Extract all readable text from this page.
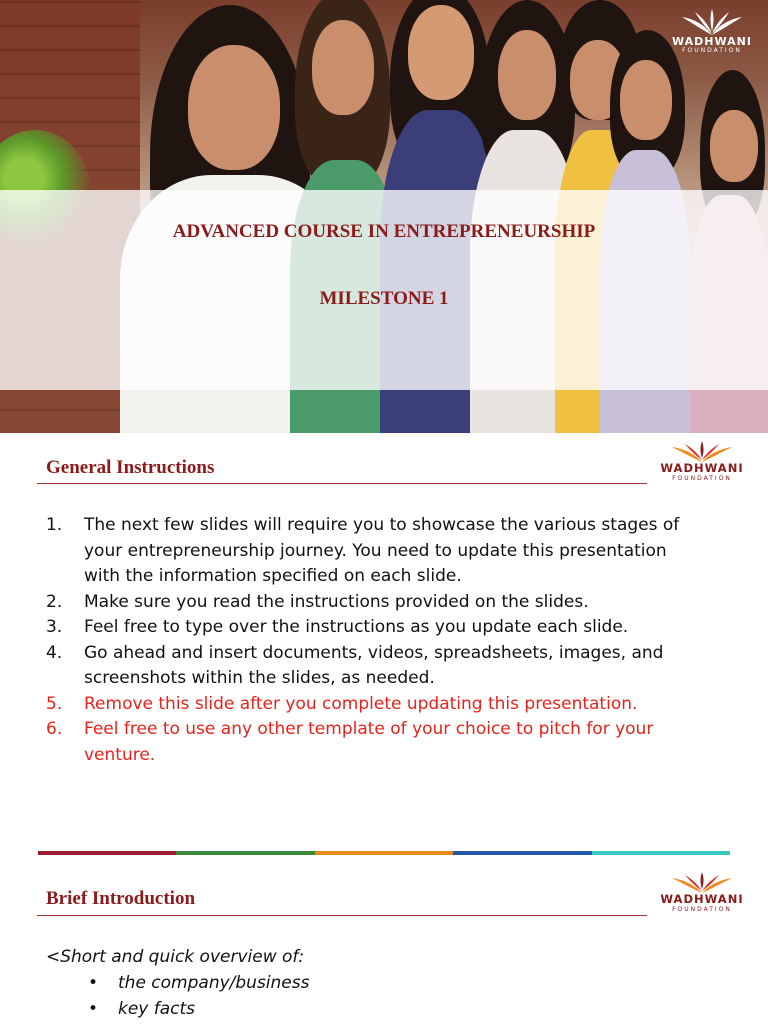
WADHWANI
FOUNDATION
ADVANCED COURSE IN ENTREPRENEURSHIP
MILESTONE 1
General Instructions	WADHWANI
FOUNDATION
1. The next few slides will require you to showcase the various stages of your entrepreneurship journey. You need to update this presentation with the information specified on each slide.
2. Make sure you read the instructions provided on the slides.
3. Feel free to type over the instructions as you update each slide.
4. Go ahead and insert documents, videos, spreadsheets, images, and screenshots within the slides, as needed.
5. Remove this slide after you complete updating this presentation.
6. Feel free to use any other template of your choice to pitch for your venture.
Brief Introduction	WADHWANI
FOUNDATION

<Short and quick overview of:

• the company/business
• key facts
